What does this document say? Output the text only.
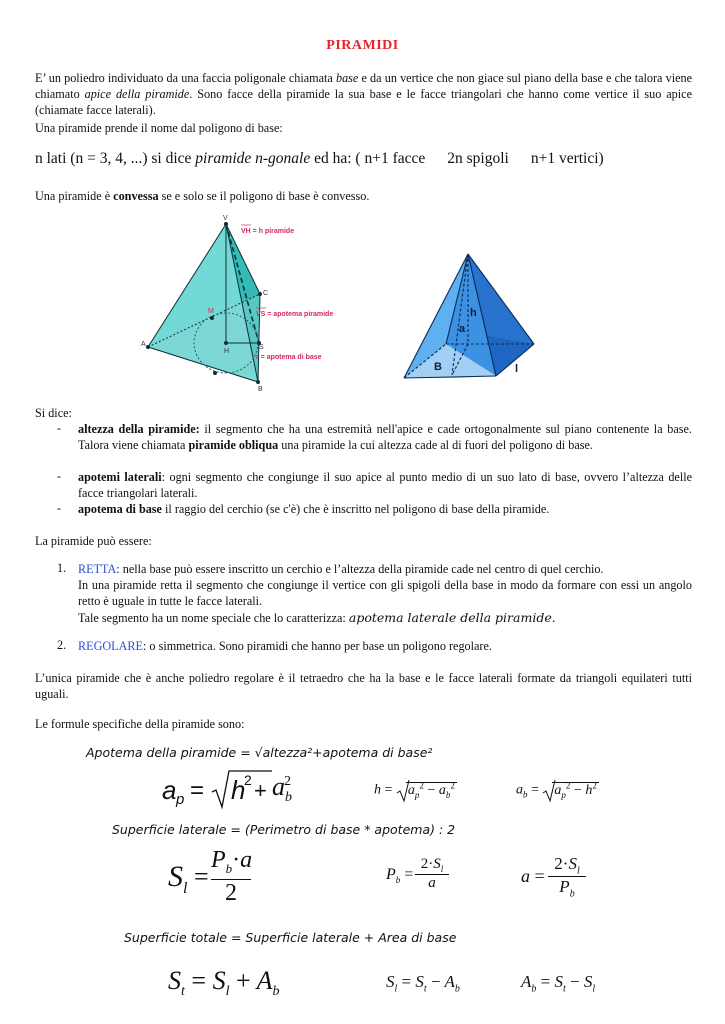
PIRAMIDI

E’ un poliedro individuato da una faccia poligonale chiamata base e da un vertice che non giace sul piano della base e che talora viene chiamato apice della piramide. Sono facce della piramide la sua base e le facce triangolari che hanno come vertice il suo apice (chiamate facce laterali).

Una piramide prende il nome dal poligono di base:

n lati (n = 3, 4, ...) si dice piramide n-gonale ed ha: ( n+1 facce 2n spigoli n+1 vertici)

Una piramide è convessa se e solo se il poligono di base è convesso.

V
M
C
S
H
A
B
VH = h piramide
VS = apotema piramide
r = apotema di base
h
a
B	l

Si dice:

- altezza della piramide: il segmento che ha una estremità nell'apice e cade ortogonalmente sul piano contenente la base. Talora viene chiamata piramide obliqua una piramide la cui altezza cade al di fuori del poligono di base.

- apotemi laterali: ogni segmento che congiunge il suo apice al punto medio di un suo lato di base, ovvero l’altezza delle facce triangolari laterali.

- apotema di base il raggio del cerchio (se c'è) che è inscritto nel poligono di base della piramide.

La piramide può essere:

1. RETTA: nella base può essere inscritto un cerchio e l’altezza della piramide cade nel centro di quel cerchio.

In una piramide retta il segmento che congiunge il vertice con gli spigoli della base in modo da formare con essi un angolo retto è uguale in tutte le facce laterali.

Tale segmento ha un nome speciale che lo caratterizza: apotema laterale della piramide.

2. REGOLARE: o simmetrica. Sono piramidi che hanno per base un poligono regolare.

L’unica piramide che è anche poliedro regolare è il tetraedro che ha la base e le facce laterali formate da triangoli equilateri tutti uguali.

Le formule specifiche della piramide sono:

Apotema della piramide = √altezza²+apotema di base²
a p = h
$2 + a_b^2$
$h = a_p^2 - a_b^2$	$a_b = a_p^2 - h^2$
Superficie laterale = (Perimetro di base * apotema) : 2
$S_l$ =
$P_b\cdot a$
2
$P_b$ =
$2\cdot S_l$
a	a =
$2\cdot S_l$
$P_b$
Superficie totale = Superficie laterale + Area di base
$S_t = S_l + A_b$
$S_l = S_t - A_b$	$A_b = S_t - S_l$
